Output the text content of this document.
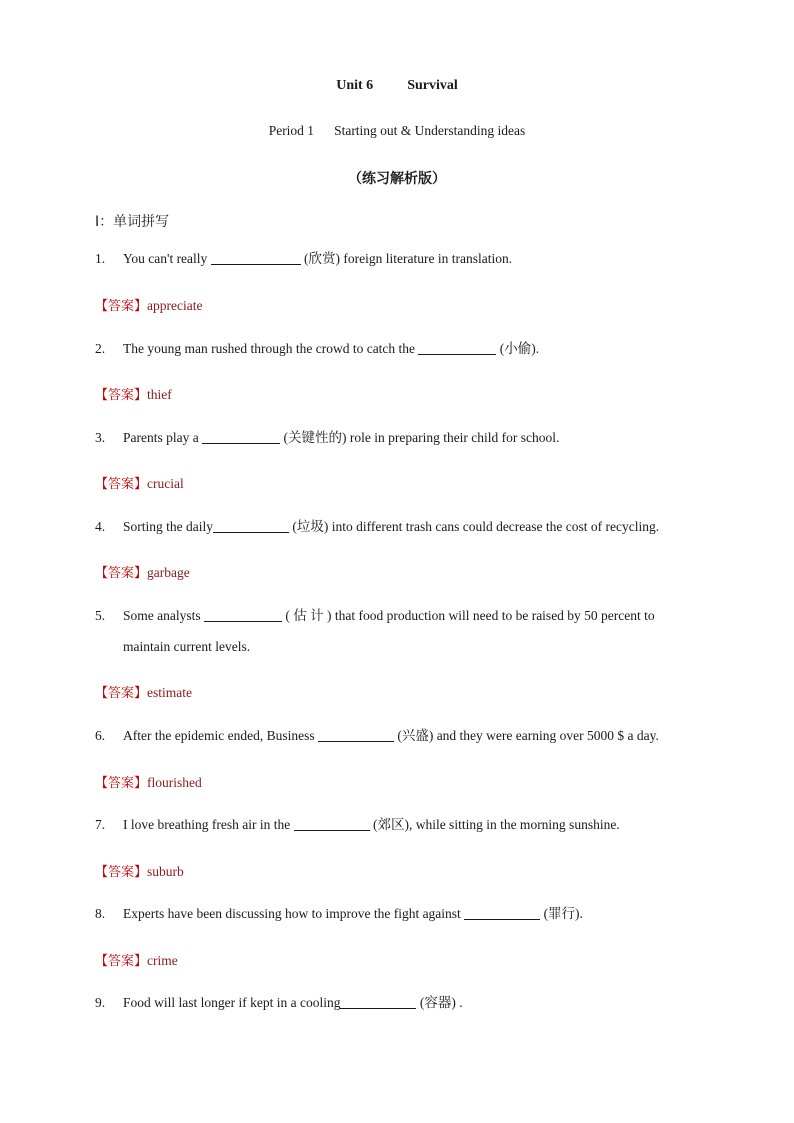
Unit 6 Survival
Period 1 Starting out & Understanding ideas
（练习解析版）
I：单词拼写
1. You can't really	(欣赏) foreign literature in translation.
【答案】appreciate
2. The young man rushed through the crowd to catch the	(小偷).
【答案】thief
3. Parents play a	(关键性的) role in preparing their child for school.
【答案】crucial
4. Sorting the daily	(垃圾) into different trash cans could decrease the cost of recycling.
【答案】garbage
5. Some analysts	( 估 计 ) that food production will need to be raised by 50 percent to
maintain current levels.
【答案】estimate
6. After the epidemic ended, Business	(兴盛) and they were earning over 5000 $ a day.
【答案】flourished
7. I love breathing fresh air in the	(郊区), while sitting in the morning sunshine.
【答案】suburb
8. Experts have been discussing how to improve the fight against	(罪行).
【答案】crime
9. Food will last longer if kept in a cooling	(容器) .
